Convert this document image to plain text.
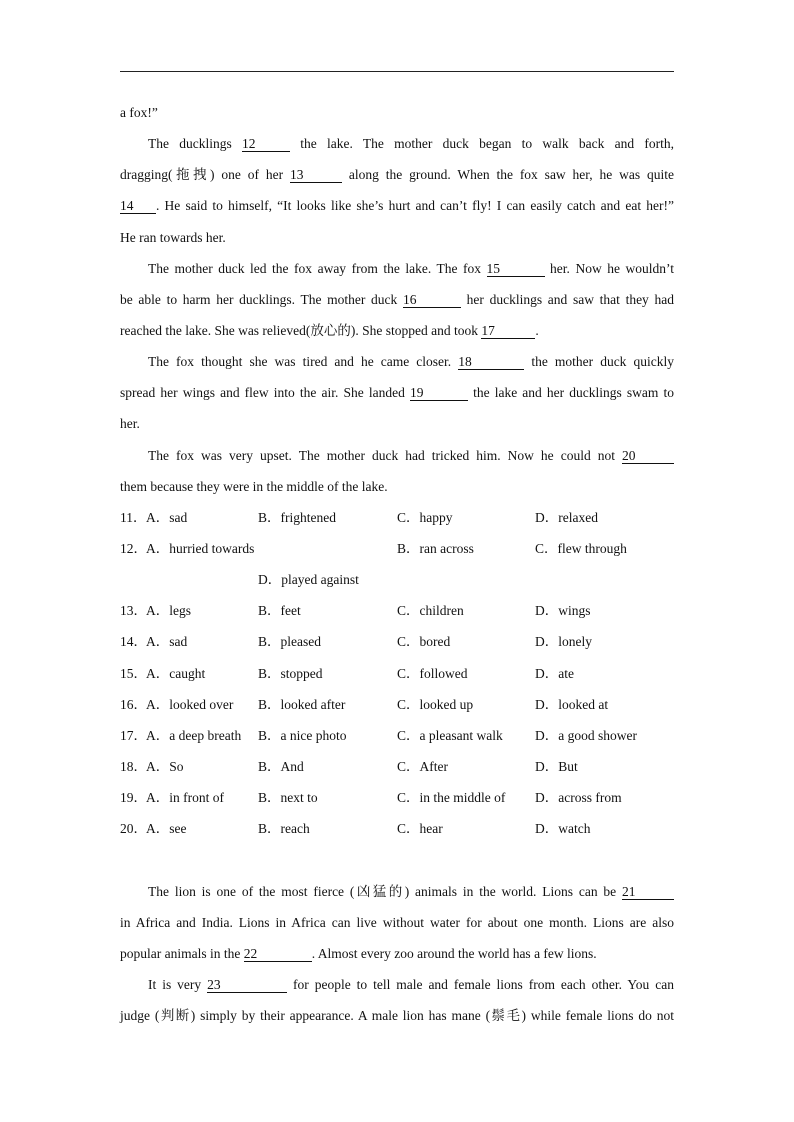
a fox!”
The ducklings 12	the lake. The mother duck began to walk back and forth,
dragging(拖拽) one of her 13	along the ground. When the fox saw her, he was quite
14 . He said to himself, “It looks like she’s hurt and can’t fly! I can easily catch and eat her!”
He ran towards her.
The mother duck led the fox away from the lake. The fox 15	her. Now he wouldn’t
be able to harm her ducklings. The mother duck 16	her ducklings and saw that they had
reached the lake. She was relieved(放心的). She stopped and took 17	.
The fox thought she was tired and he came closer. 18	the mother duck quickly
spread her wings and flew into the air. She landed 19	the lake and her ducklings swam to
her.
The fox was very upset. The mother duck had tricked him. Now he could not 20
them because they were in the middle of the lake.
11． A．sad	B．frightened	C．happy	D．relaxed
12． A．hurried towards	B．ran across	C．flew through
D．played against
13． A．legs	B．feet	C．children	D．wings
14． A．sad	B．pleased	C．bored	D．lonely
15． A．caught	B．stopped	C．followed	D．ate
16． A．looked over B．looked after	C．looked up	D．looked at
17． A．a deep breath B．a nice photo	C．a pleasant walk D．a good shower
18． A．So	B．And	C．After	D．But
19． A．in front of	B．next to	C．in the middle of D．across from
20． A．see	B．reach	C．hear	D．watch
The lion is one of the most fierce (凶猛的) animals in the world. Lions can be 21
in Africa and India. Lions in Africa can live without water for about one month. Lions are also
popular animals in the 22	. Almost every zoo around the world has a few lions.
It is very 23	for people to tell male and female lions from each other. You can
judge (判断) simply by their appearance. A male lion has mane (鬃毛) while female lions do not
